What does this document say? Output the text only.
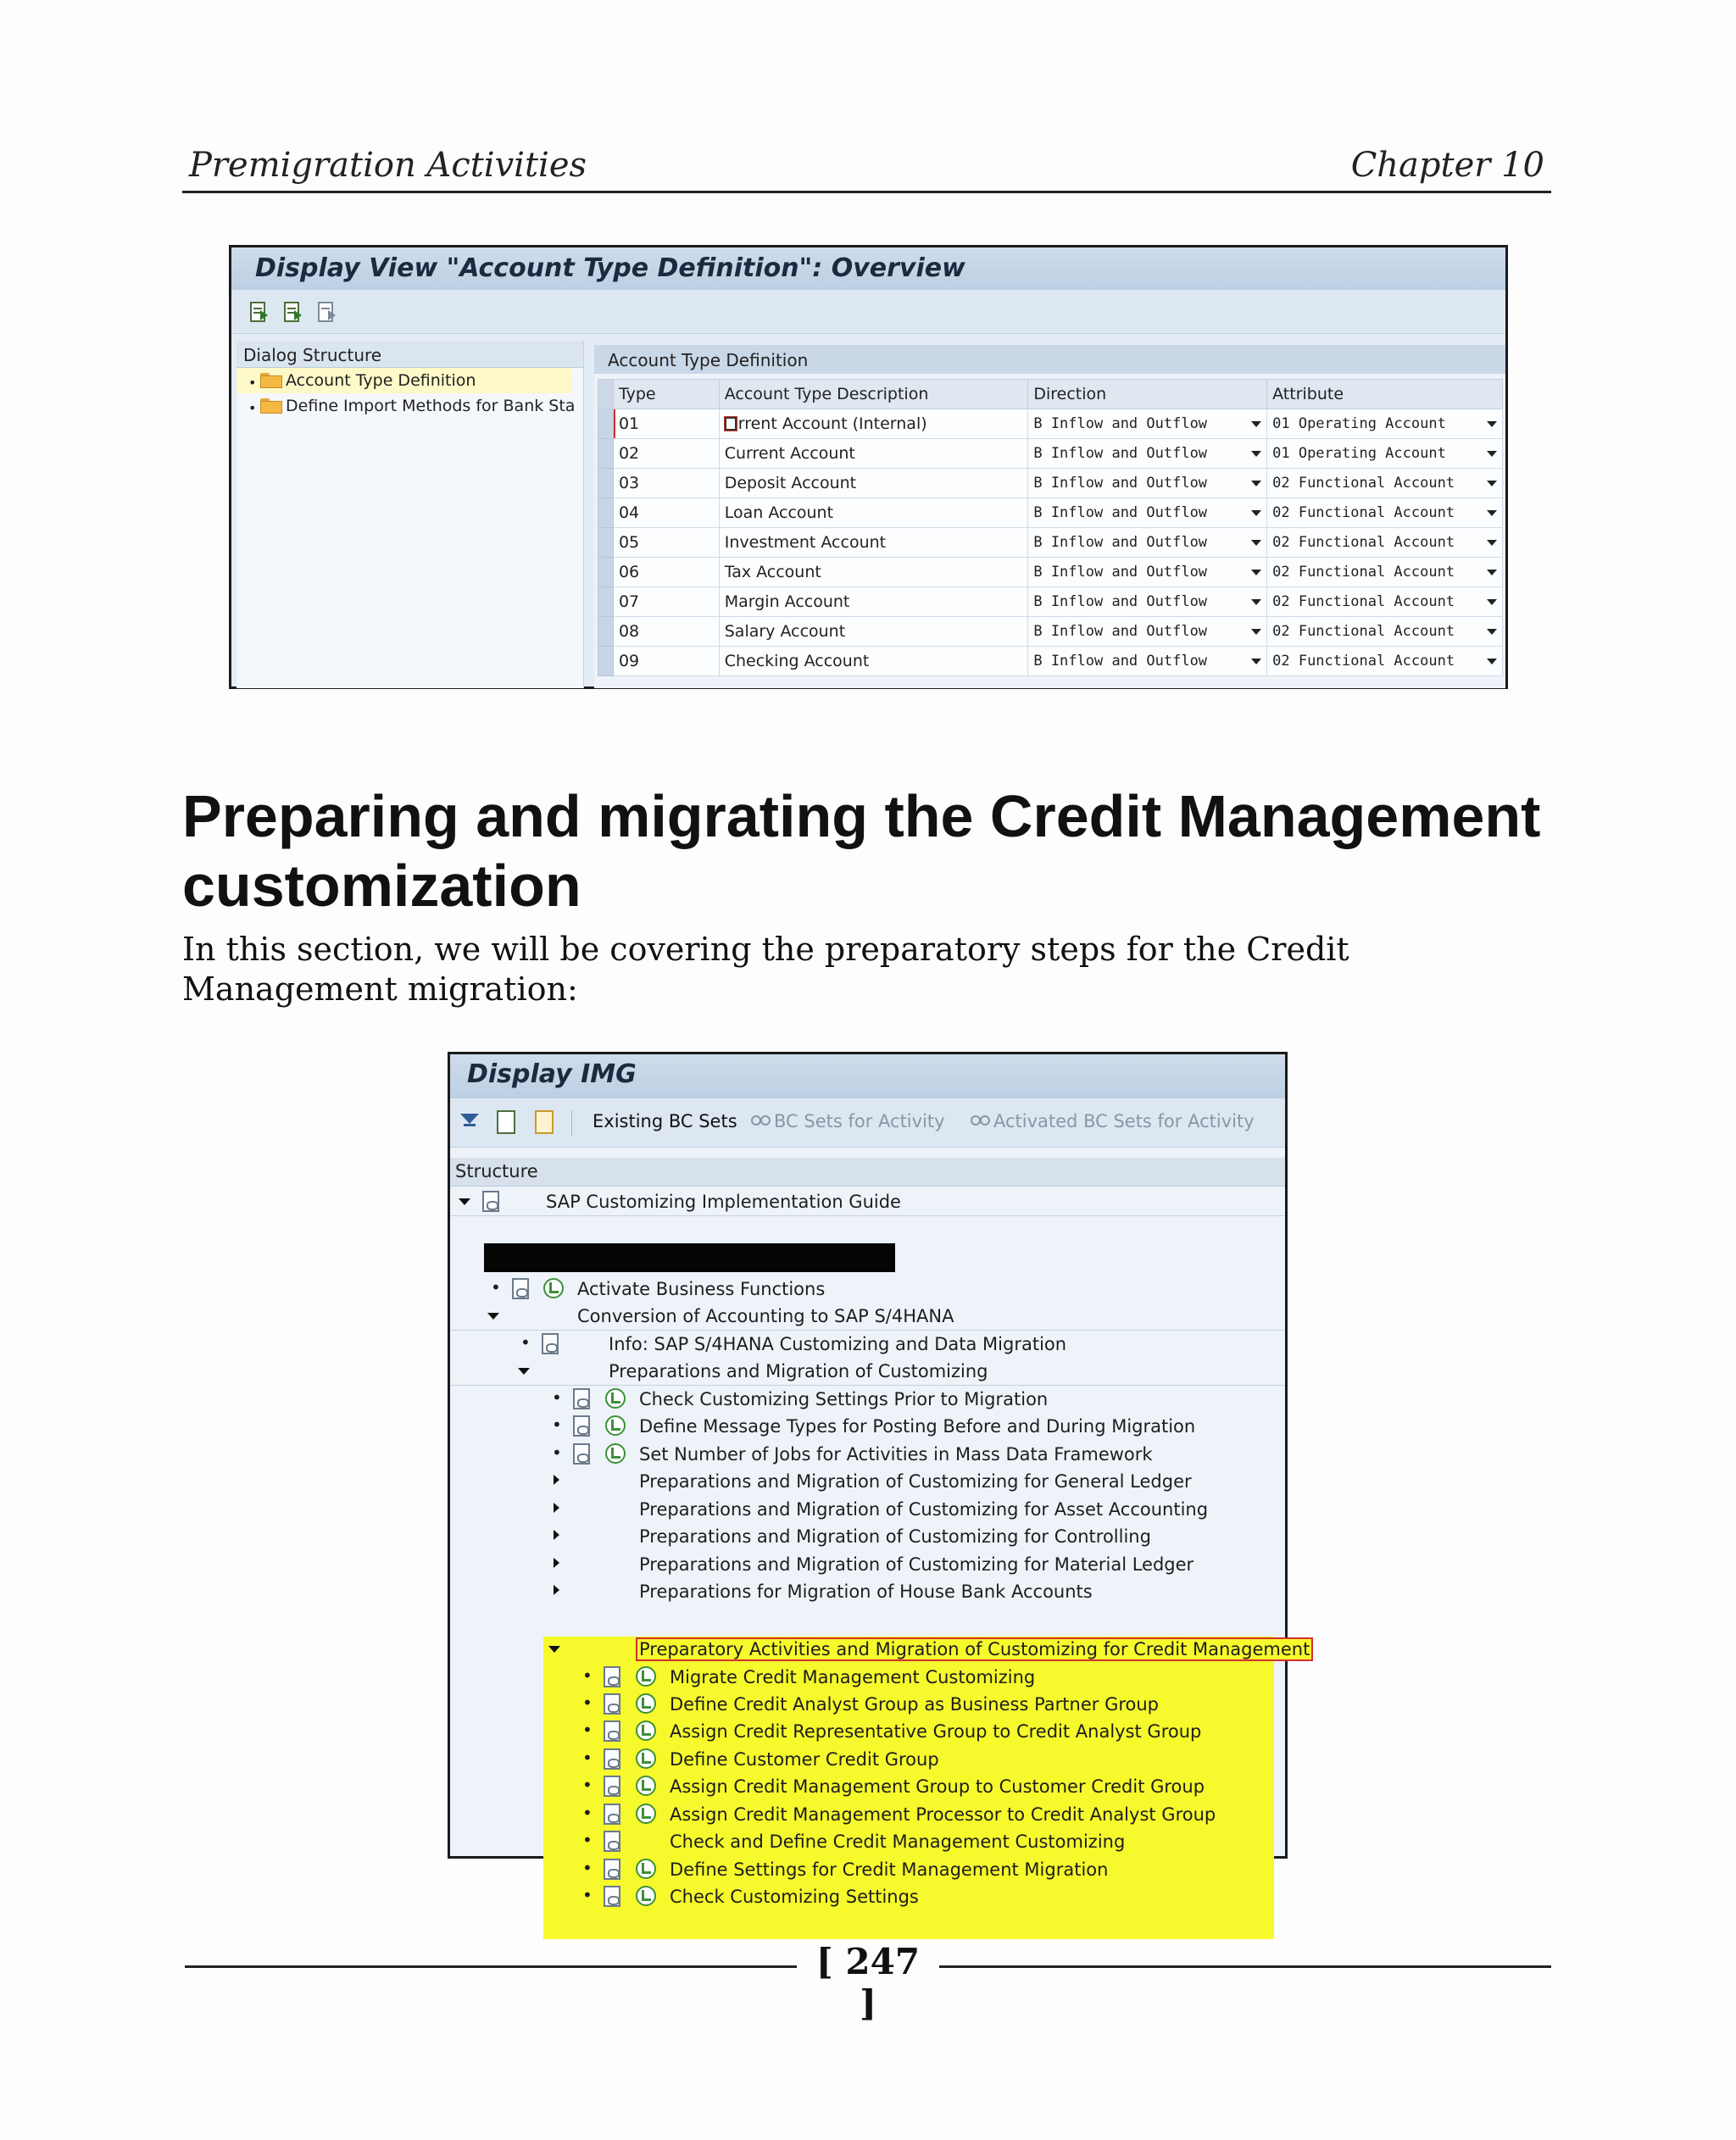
Premigration Activities	Chapter 10
Display View "Account Type Definition": Overview
Dialog Structure
• Account Type Definition
• Define Import Methods for Bank Sta
Account Type Definition
	Type	Account Type Description	Direction	Attribute
	01	rrent Account (Internal)	B Inflow and Outflow	01 Operating Account
	02	Current Account	B Inflow and Outflow	01 Operating Account
	03	Deposit Account	B Inflow and Outflow	02 Functional Account
	04	Loan Account	B Inflow and Outflow	02 Functional Account
	05	Investment Account	B Inflow and Outflow	02 Functional Account
	06	Tax Account	B Inflow and Outflow	02 Functional Account
	07	Margin Account	B Inflow and Outflow	02 Functional Account
	08	Salary Account	B Inflow and Outflow	02 Functional Account
	09	Checking Account	B Inflow and Outflow	02 Functional Account
Preparing and migrating the Credit Management customization

In this section, we will be covering the preparatory steps for the Credit Management migration:

Display IMG
Existing BC Sets BC Sets for Activity	Activated BC Sets for Activity
Structure
SAP Customizing Implementation Guide
•	Activate Business Functions
Conversion of Accounting to SAP S/4HANA
•	Info: SAP S/4HANA Customizing and Data Migration
Preparations and Migration of Customizing
•	Check Customizing Settings Prior to Migration
•	Define Message Types for Posting Before and During Migration
•	Set Number of Jobs for Activities in Mass Data Framework
Preparations and Migration of Customizing for General Ledger
Preparations and Migration of Customizing for Asset Accounting
Preparations and Migration of Customizing for Controlling
Preparations and Migration of Customizing for Material Ledger
Preparations for Migration of House Bank Accounts
Preparatory Activities and Migration of Customizing for Credit Management
•	Migrate Credit Management Customizing
•	Define Credit Analyst Group as Business Partner Group
•	Assign Credit Representative Group to Credit Analyst Group
•	Define Customer Credit Group
•	Assign Credit Management Group to Customer Credit Group
•	Assign Credit Management Processor to Credit Analyst Group
•	Check and Define Credit Management Customizing
•	Define Settings for Credit Management Migration
•	Check Customizing Settings
[ 247 ]
